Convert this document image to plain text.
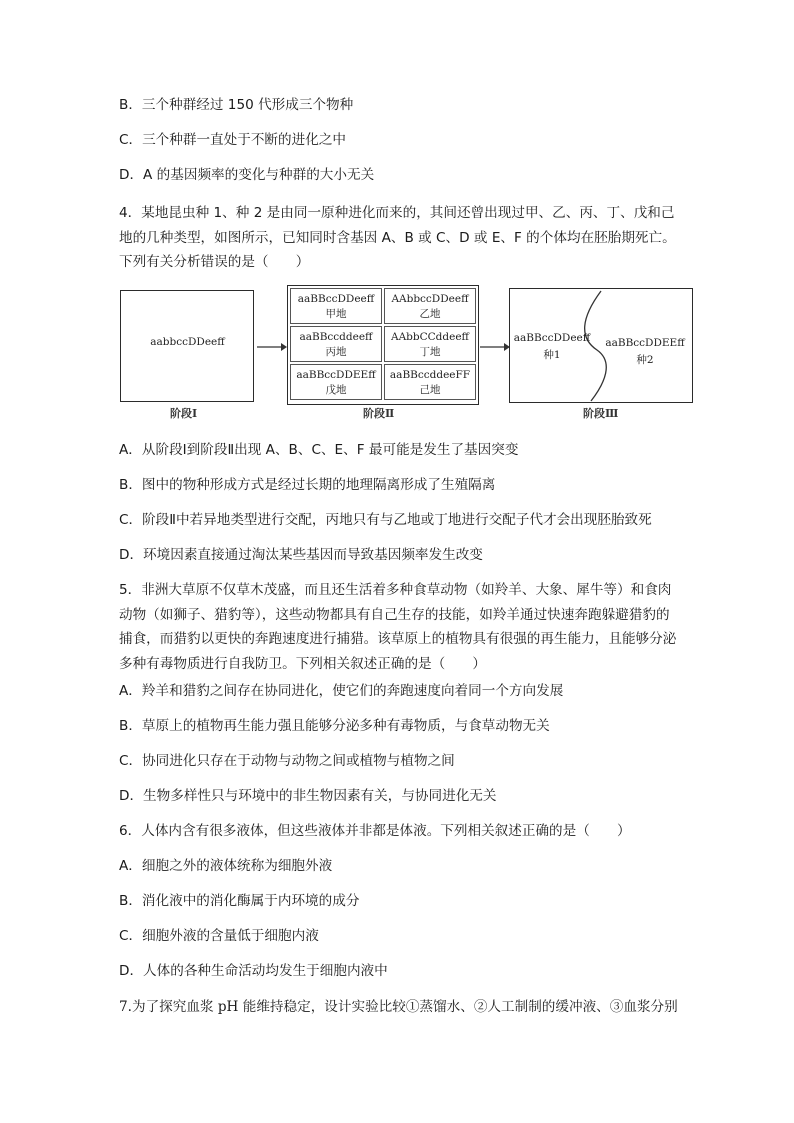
B．三个种群经过 150 代形成三个物种
C．三个种群一直处于不断的进化之中
D．A 的基因频率的变化与种群的大小无关
4．某地昆虫种 1、种 2 是由同一原种进化而来的，其间还曾出现过甲、乙、丙、丁、戊和己地的几种类型，如图所示，已知同时含基因 A、B 或 C、D 或 E、F 的个体均在胚胎期死亡。下列有关分析错误的是（　　）
aabbccDDeeff
阶段Ⅰ
aaBBccDDeeff
甲地
AAbbccDDeeff
乙地
aaBBccddeeff
丙地
AAbbCCddeeff
丁地
aaBBccDDEEff
戊地
aaBBccddeeFF
己地
阶段Ⅱ
aaBBccDDeeff
种1
aaBBccDDEEff
种2
阶段Ⅲ
A．从阶段Ⅰ到阶段Ⅱ出现 A、B、C、E、F 最可能是发生了基因突变
B．图中的物种形成方式是经过长期的地理隔离形成了生殖隔离
C．阶段Ⅱ中若异地类型进行交配，丙地只有与乙地或丁地进行交配子代才会出现胚胎致死
D．环境因素直接通过淘汰某些基因而导致基因频率发生改变
5．非洲大草原不仅草木茂盛，而且还生活着多种食草动物（如羚羊、大象、犀牛等）和食肉动物（如狮子、猎豹等），这些动物都具有自己生存的技能，如羚羊通过快速奔跑躲避猎豹的捕食，而猎豹以更快的奔跑速度进行捕猎。该草原上的植物具有很强的再生能力，且能够分泌多种有毒物质进行自我防卫。下列相关叙述正确的是（　　）
A．羚羊和猎豹之间存在协同进化，使它们的奔跑速度向着同一个方向发展
B．草原上的植物再生能力强且能够分泌多种有毒物质，与食草动物无关
C．协同进化只存在于动物与动物之间或植物与植物之间
D．生物多样性只与环境中的非生物因素有关，与协同进化无关
6．人体内含有很多液体，但这些液体并非都是体液。下列相关叙述正确的是（　　）
A．细胞之外的液体统称为细胞外液
B．消化液中的消化酶属于内环境的成分
C．细胞外液的含量低于细胞内液
D．人体的各种生命活动均发生于细胞内液中
7.为了探究血浆 pH 能维持稳定，设计实验比较①蒸馏水、②人工制制的缓冲液、③血浆分别
